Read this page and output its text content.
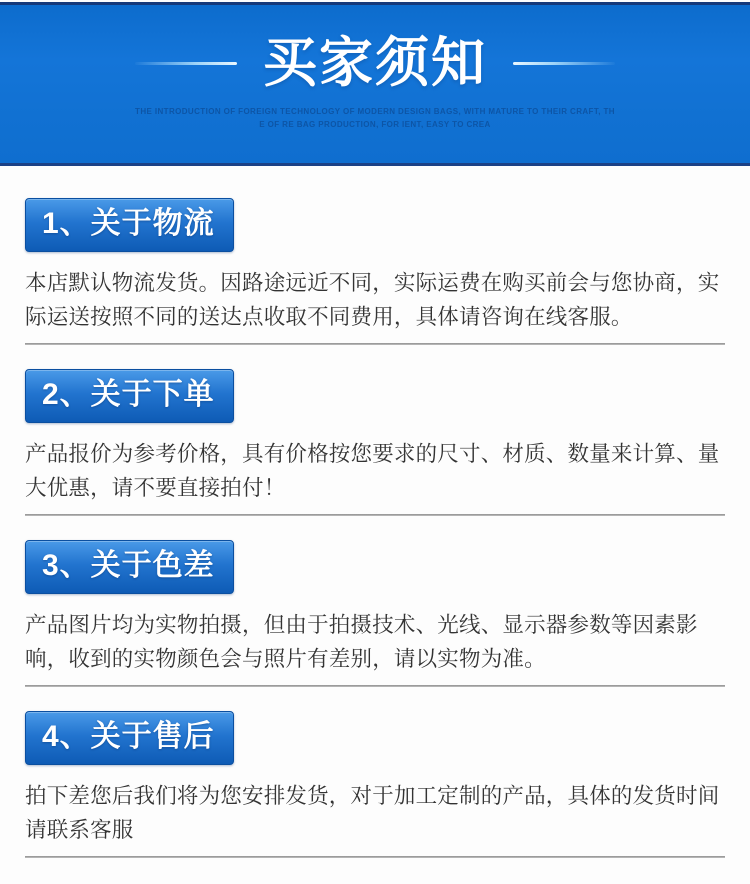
买家须知
THE INTRODUCTION OF FOREIGN TECHNOLOGY OF MODERN DESIGN BAGS, WITH MATURE TO THEIR CRAFT, TH
E OF RE BAG PRODUCTION, FOR IENT, EASY TO CREA
1、关于物流
本店默认物流发货。因路途远近不同，实际运费在购买前会与您协商，实际运送按照不同的送达点收取不同费用，具体请咨询在线客服。
2、关于下单
产品报价为参考价格，具有价格按您要求的尺寸、材质、数量来计算、量大优惠，请不要直接拍付！
3、关于色差
产品图片均为实物拍摄，但由于拍摄技术、光线、显示器参数等因素影响，收到的实物颜色会与照片有差别，请以实物为准。
4、关于售后
拍下差您后我们将为您安排发货，对于加工定制的产品，具体的发货时间请联系客服
